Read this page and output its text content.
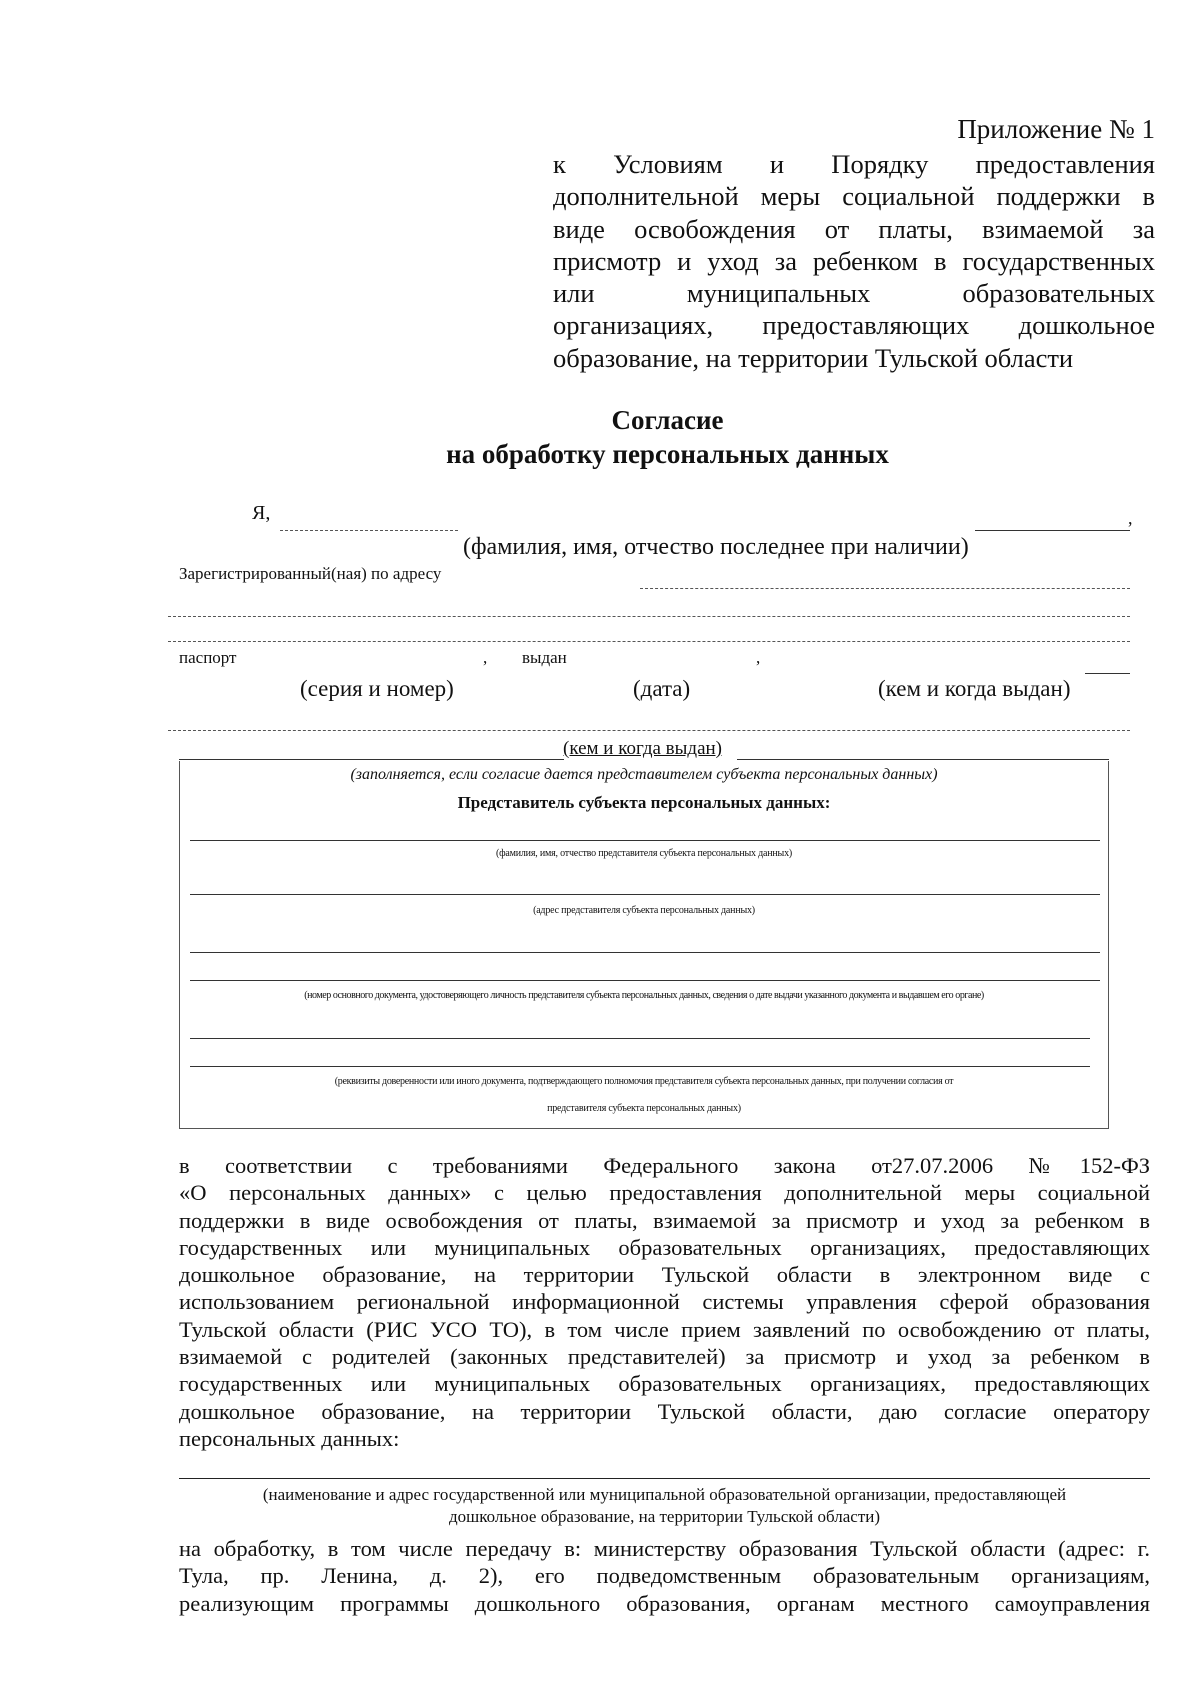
Приложение № 1
к Условиям и Порядку предоставления
дополнительной меры социальной поддержки в
виде освобождения от платы, взимаемой за
присмотр и уход за ребенком в государственных
или муниципальных образовательных
организациях, предоставляющих дошкольное
образование, на территории Тульской области
Согласие
на обработку персональных данных
Я,	,
(фамилия, имя, отчество последнее при наличии)
Зарегистрированный(ная) по адресу
паспорт	, выдан	,
(серия и номер)	(дата)	(кем и когда выдан)
(кем и когда выдан)
(заполняется, если согласие дается представителем субъекта персональных данных)
Представитель субъекта персональных данных:
(фамилия, имя, отчество представителя субъекта персональных данных)
(адрес представителя субъекта персональных данных)
(номер основного документа, удостоверяющего личность представителя субъекта персональных данных, сведения о дате выдачи указанного документа и выдавшем его органе)
(реквизиты доверенности или иного документа, подтверждающего полномочия представителя субъекта персональных данных, при получении согласия от
представителя субъекта персональных данных)
в соответствии с требованиями Федерального закона от27.07.2006 №152-ФЗ
«О персональных данных» с целью предоставления дополнительной меры социальной
поддержки в виде освобождения от платы, взимаемой за присмотр и уход за ребенком в
государственных или муниципальных образовательных организациях, предоставляющих
дошкольное образование, на территории Тульской области в электронном виде с
использованием региональной информационной системы управления сферой образования
Тульской области (РИС УСО ТО), в том числе прием заявлений по освобождению от платы,
взимаемой с родителей (законных представителей) за присмотр и уход за ребенком в
государственных или муниципальных образовательных организациях, предоставляющих
дошкольное образование, на территории Тульской области, даю согласие оператору
персональных данных:
(наименование и адрес государственной или муниципальной образовательной организации, предоставляющей
дошкольное образование, на территории Тульской области)
на обработку, в том числе передачу в: министерству образования Тульской области (адрес: г.
Тула, пр. Ленина, д. 2), его подведомственным образовательным организациям,
реализующим программы дошкольного образования, органам местного самоуправления
